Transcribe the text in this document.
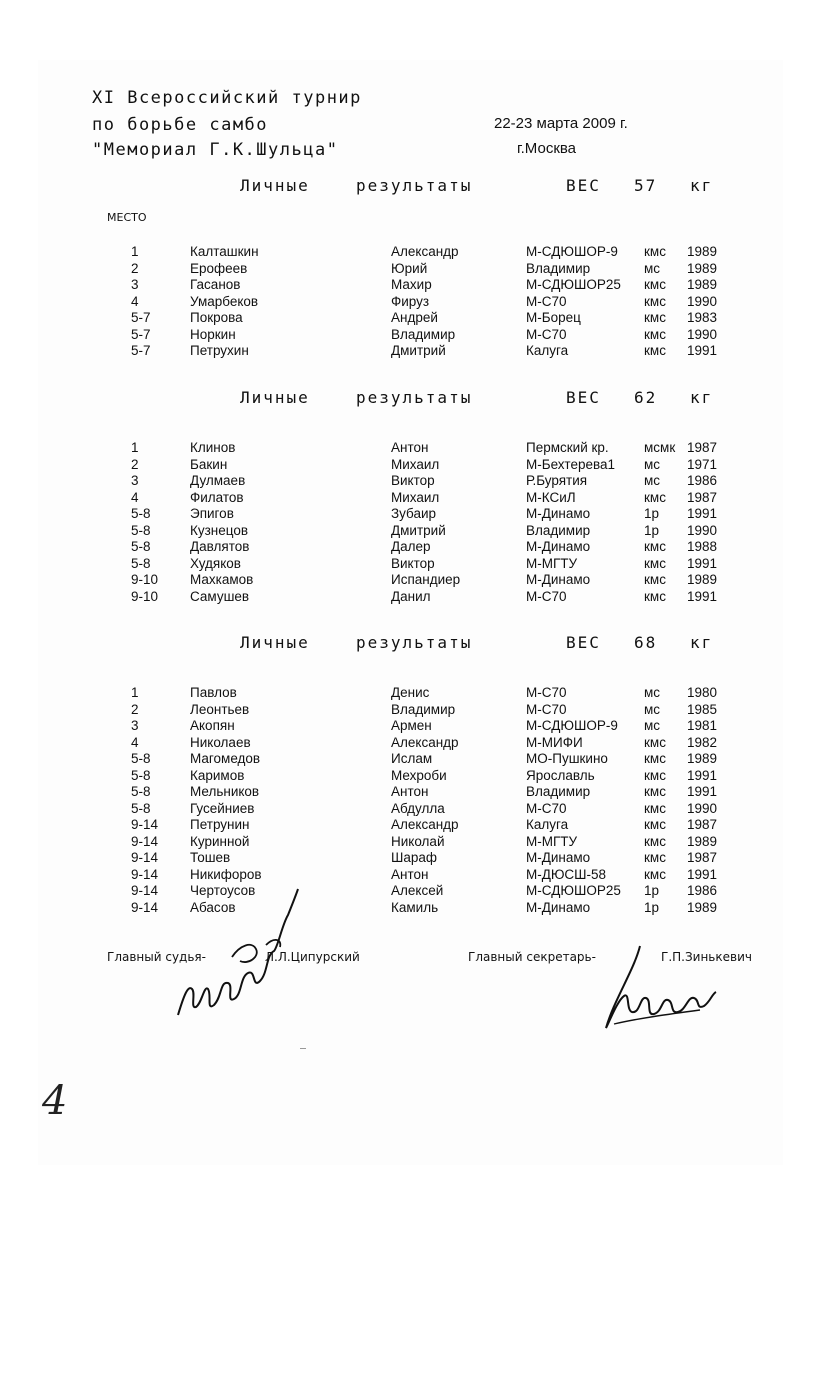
XI Всероссийский турнир
по борьбе самбо
"Мемориал Г.К.Шульца"
22-23 марта 2009 г.
г.Москва
Личные	результаты	ВЕС 57 кг
МЕСТО
Личные	результаты	ВЕС 62 кг
Личные	результаты	ВЕС 68 кг
1	Калташкин	Александр	М-СДЮШОР-9 кмс 1989
2	Ерофеев	Юрий	Владимир	мс 1989
3	Гасанов	Махир	М-СДЮШОР25 кмс 1989
4	Умарбеков	Фируз	М-С70	кмс 1990
5-7	Покрова	Андрей	М-Борец	кмс 1983
5-7	Норкин	Владимир	М-С70	кмс 1990
5-7	Петрухин	Дмитрий	Калуга	кмс 1991
1	Клинов	Антон	Пермский кр.	мсмк 1987
2	Бакин	Михаил	М-Бехтерева1 мс 1971
3	Дулмаев	Виктор	Р.Бурятия	мс 1986
4	Филатов	Михаил	М-КСиЛ	кмс 1987
5-8	Эпигов	Зубаир	М-Динамо	1р 1991
5-8	Кузнецов	Дмитрий	Владимир	1р 1990
5-8	Давлятов	Далер	М-Динамо	кмс 1988
5-8	Худяков	Виктор	М-МГТУ	кмс 1991
9-10 Махкамов	Испандиер	М-Динамо	кмс 1989
9-10 Самушев	Данил	М-С70	кмс 1991
1	Павлов	Денис	М-С70	мс 1980
2	Леонтьев	Владимир	М-С70	мс 1985
3	Акопян	Армен	М-СДЮШОР-9 мс 1981
4	Николаев	Александр	М-МИФИ	кмс 1982
5-8	Магомедов	Ислам	МО-Пушкино	кмс 1989
5-8	Каримов	Мехроби	Ярославль	кмс 1991
5-8	Мельников	Антон	Владимир	кмс 1991
5-8	Гусейниев	Абдулла	М-С70	кмс 1990
9-14 Петрунин	Александр	Калуга	кмс 1987
9-14 Куринной	Николай	М-МГТУ	кмс 1989
9-14 Тошев	Шараф	М-Динамо	кмс 1987
9-14 Никифоров	Антон	М-ДЮСШ-58	кмс 1991
9-14 Чертоусов	Алексей	М-СДЮШОР25 1р 1986
9-14 Абасов	Камиль	М-Динамо	1р 1989
Главный судья-	Л.Л.Ципурский	Главный секретарь-	Г.П.Зинькевич
4
